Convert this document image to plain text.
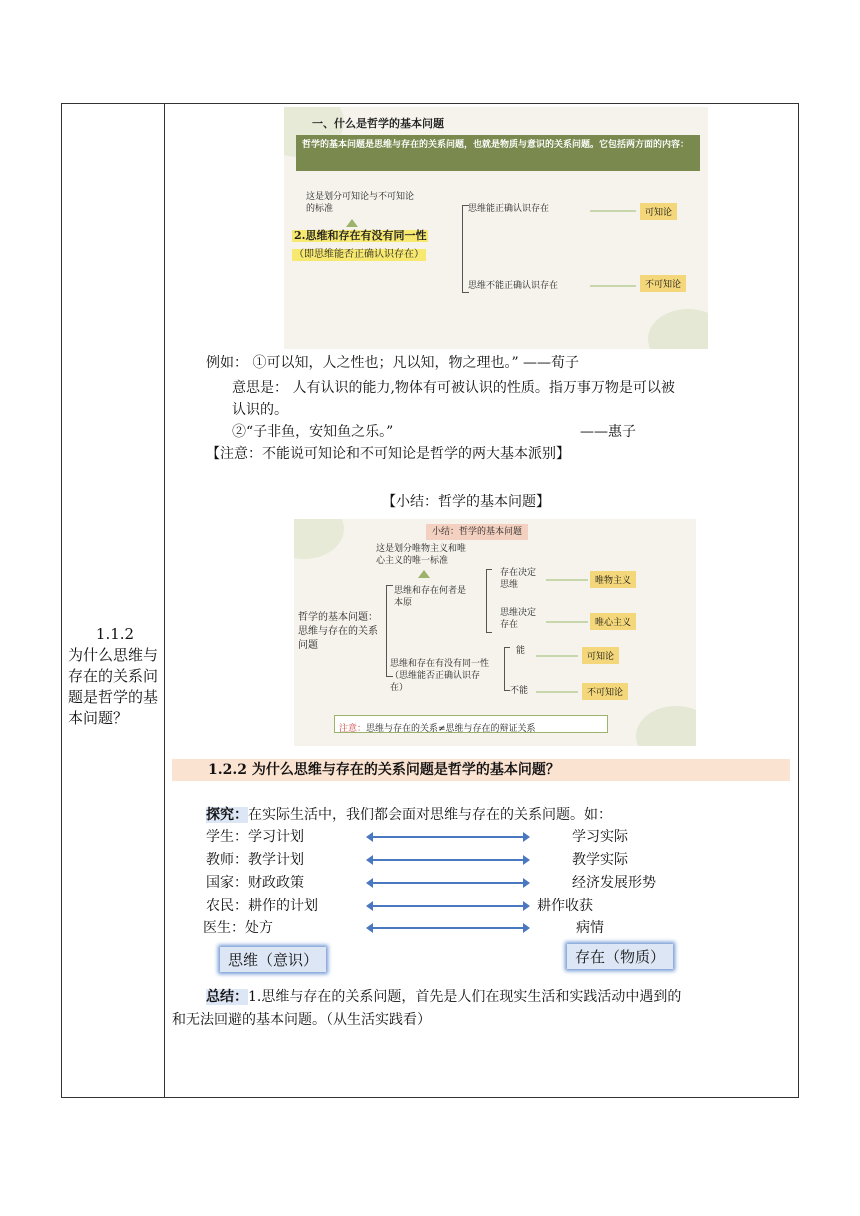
1.1.2
为什么思维与存在的关系问题是哲学的基本问题？
一、什么是哲学的基本问题
哲学的基本问题是思维与存在的关系问题，也就是物质与意识的关系问题。它包括两方面的内容：
这是划分可知论与不可知论的标准
2.思维和存在有没有同一性
（即思维能否正确认识存在）
思维能正确认识存在
思维不能正确认识存在
可知论
不可知论
例如： ①可以知，人之性也；凡以知，物之理也。” ——荀子
意思是： 人有认识的能力,物体有可被认识的性质。指万事万物是可以被
认识的。
②“子非鱼，安知鱼之乐。”	——惠子
【注意：不能说可知论和不可知论是哲学的两大基本派别】
【小结：哲学的基本问题】
小结：哲学的基本问题
这是划分唯物主义和唯心主义的唯一标准
哲学的基本问题：思维与存在的关系问题
思维和存在何者是本原
存在决定思维
思维决定存在
唯物主义
唯心主义
思维和存在有没有同一性（思维能否正确认识存在）
能
不能
可知论
不可知论
注意：思维与存在的关系≠思维与存在的辩证关系
1.2.2 为什么思维与存在的关系问题是哲学的基本问题？
探究：在实际生活中，我们都会面对思维与存在的关系问题。如：
学生：学习计划	学习实际
教师：教学计划	教学实际
国家：财政政策	经济发展形势
农民：耕作的计划	耕作收获
医生：处方	病情
思维（意识）	存在（物质）
总结：1.思维与存在的关系问题，首先是人们在现实生活和实践活动中遇到的
和无法回避的基本问题。（从生活实践看）
